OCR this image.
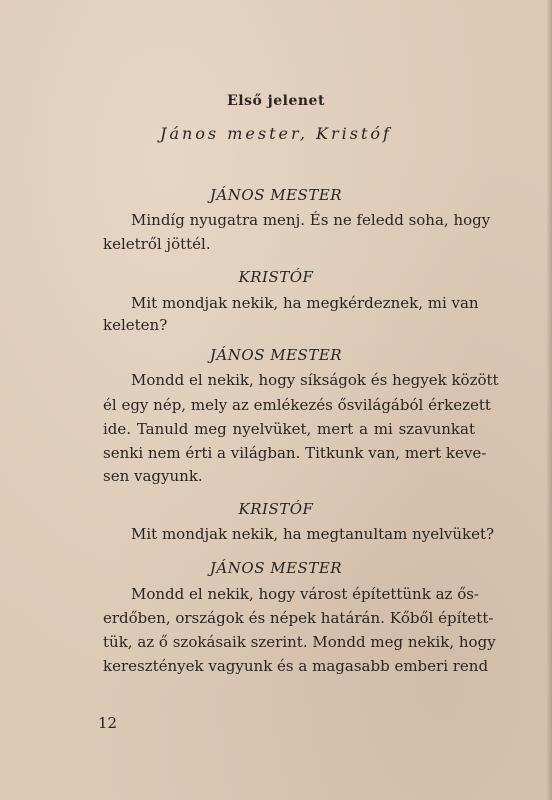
Első jelenet
János mester, Kristóf
JÁNOS MESTER
Mindíg nyugatra menj. És ne feledd soha, hogy
keletről jöttél.
KRISTÓF
Mit mondjak nekik, ha megkérdeznek, mi van
keleten?
JÁNOS MESTER
Mondd el nekik, hogy síkságok és hegyek között
él egy nép, mely az emlékezés ősvilágából érkezett
ide. Tanuld meg nyelvüket, mert a mi szavunkat
senki nem érti a világban. Titkunk van, mert keve-
sen vagyunk.
KRISTÓF
Mit mondjak nekik, ha megtanultam nyelvüket?
JÁNOS MESTER
Mondd el nekik, hogy várost építettünk az ős-
erdőben, országok és népek határán. Kőből épített-
tük, az ő szokásaik szerint. Mondd meg nekik, hogy
keresztények vagyunk és a magasabb emberi rend
12
